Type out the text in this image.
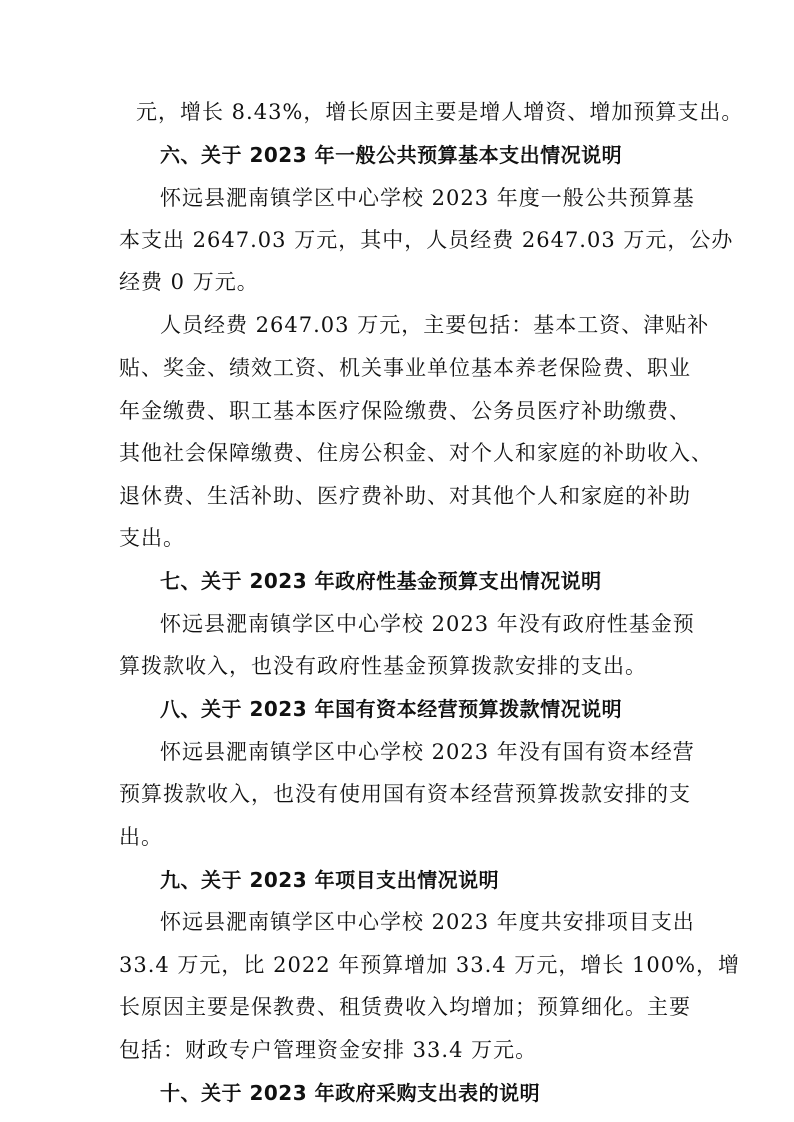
元，增长 8.43%，增长原因主要是增人增资、增加预算支出。
六、关于 2023 年一般公共预算基本支出情况说明
怀远县淝南镇学区中心学校 2023 年度一般公共预算基
本支出 2647.03 万元，其中，人员经费 2647.03 万元，公办
经费 0 万元。
人员经费 2647.03 万元，主要包括：基本工资、津贴补
贴、奖金、绩效工资、机关事业单位基本养老保险费、职业
年金缴费、职工基本医疗保险缴费、公务员医疗补助缴费、
其他社会保障缴费、住房公积金、对个人和家庭的补助收入、
退休费、生活补助、医疗费补助、对其他个人和家庭的补助
支出。
七、关于 2023 年政府性基金预算支出情况说明
怀远县淝南镇学区中心学校 2023 年没有政府性基金预
算拨款收入，也没有政府性基金预算拨款安排的支出。
八、关于 2023 年国有资本经营预算拨款情况说明
怀远县淝南镇学区中心学校 2023 年没有国有资本经营
预算拨款收入，也没有使用国有资本经营预算拨款安排的支
出。
九、关于 2023 年项目支出情况说明
怀远县淝南镇学区中心学校 2023 年度共安排项目支出
33.4 万元，比 2022 年预算增加 33.4 万元，增长 100%，增
长原因主要是保教费、租赁费收入均增加；预算细化。主要
包括：财政专户管理资金安排 33.4 万元。
十、关于 2023 年政府采购支出表的说明
